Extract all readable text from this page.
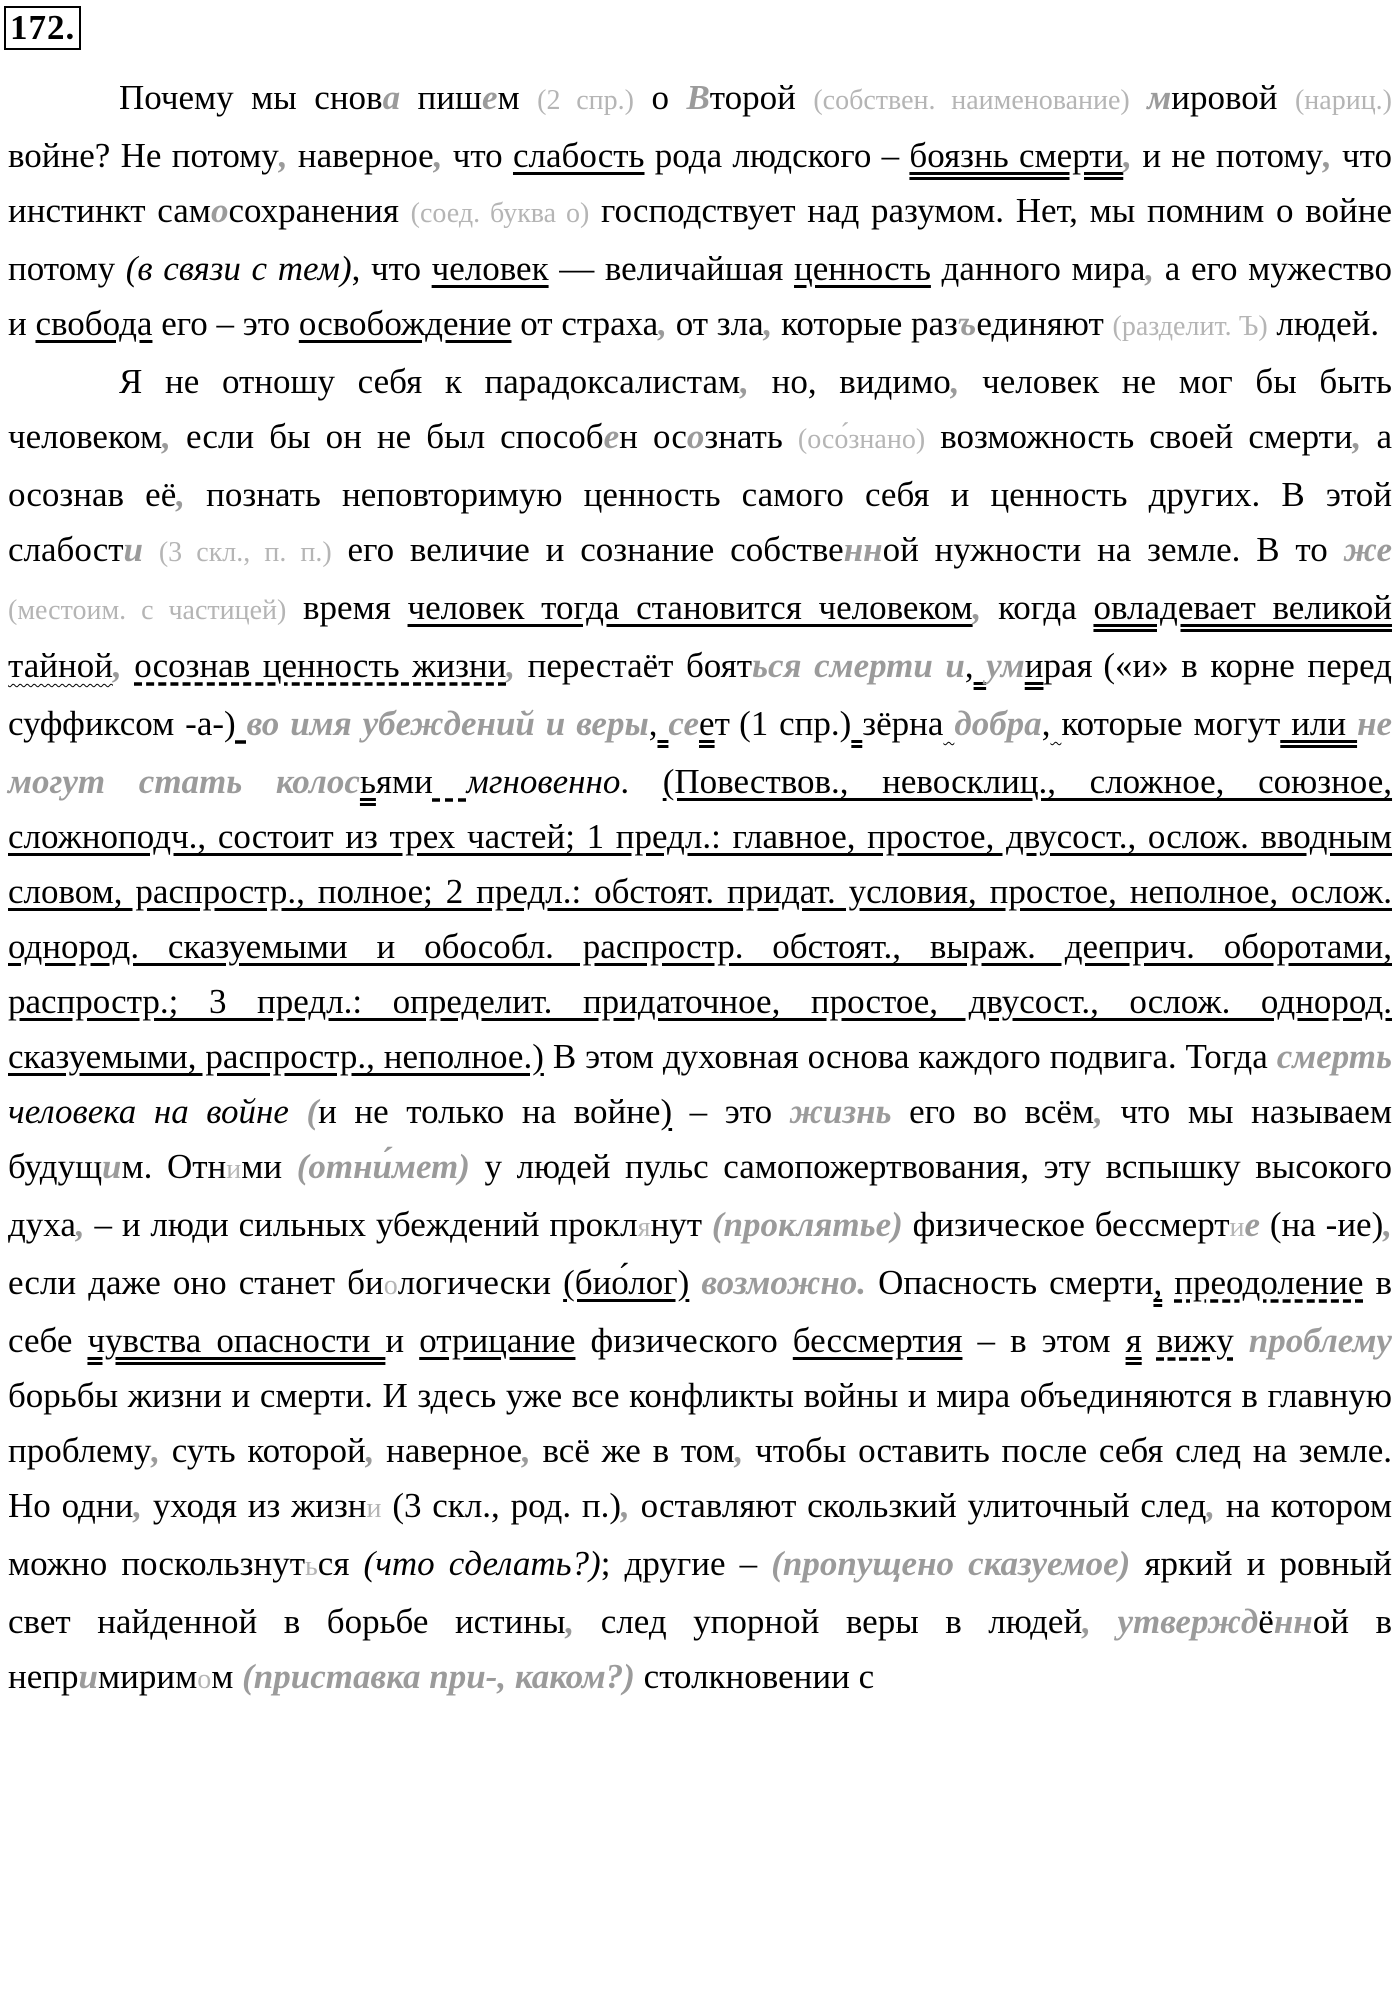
172.

Почему мы снова пишем (2 спр.) о Второй (собствен. наименование) мировой (нариц.) войне? Не потому, наверное, что слабость рода людского – боязнь смерти, и не потому, что инстинкт самосохранения (соед. буква о) господствует над разумом. Нет, мы помним о войне потому (в связи с тем), что человек — величайшая ценность данного мира, а его мужество и свобода его – это освобождение от страха, от зла, которые разъединяют (разделит. Ъ) людей.

Я не отношу себя к парадоксалистам, но, видимо, человек не мог бы быть человеком, если бы он не был способен осознать (осо́знано) возможность своей смерти, а осознав её, познать неповторимую ценность самого себя и ценность других. В этой слабости (3 скл., п. п.) его величие и сознание собственной нужности на земле. В то же (местоим. с частицей) время человек тогда становится человеком, когда овладевает великой тайной, осознав ценность жизни, перестаёт бояться смерти и, умирая («и» в корне перед суффиксом -а-) во имя убеждений и веры, сеет (1 спр.) зёрна добра, которые могут или не могут стать колосьями мгновенно. (Повествов., невосклиц., сложное, союзное, сложноподч., состоит из трех частей; 1 предл.: главное, простое, двусост., ослож. вводным словом, распростр., полное; 2 предл.: обстоят. придат. условия, простое, неполное, ослож. однород. сказуемыми и обособл. распростр. обстоят., выраж. дееприч. оборотами, распростр.; 3 предл.: определит. придаточное, простое, двусост., ослож. однород. сказуемыми, распростр., неполное.) В этом духовная основа каждого подвига. Тогда смерть человека на войне (и не только на войне) – это жизнь его во всём, что мы называем будущим. Отними (отни́мет) у людей пульс самопожертвования, эту вспышку высокого духа, – и люди сильных убеждений проклянут (проклятье) физическое бессмертие (на -ие), если даже оно станет биологически (био́лог) возможно. Опасность смерти, преодоление в себе чувства опасности и отрицание физического бессмертия – в этом я вижу проблему борьбы жизни и смерти. И здесь уже все конфликты войны и мира объединяются в главную проблему, суть которой, наверное, всё же в том, чтобы оставить после себя след на земле. Но одни, уходя из жизни (3 скл., род. п.), оставляют скользкий улиточный след, на котором можно поскользнуться (что сделать?); другие – (пропущено сказуемое) яркий и ровный свет найденной в борьбе истины, след упорной веры в людей, утверждённой в непримиримом (приставка при-, каком?) столкновении с
